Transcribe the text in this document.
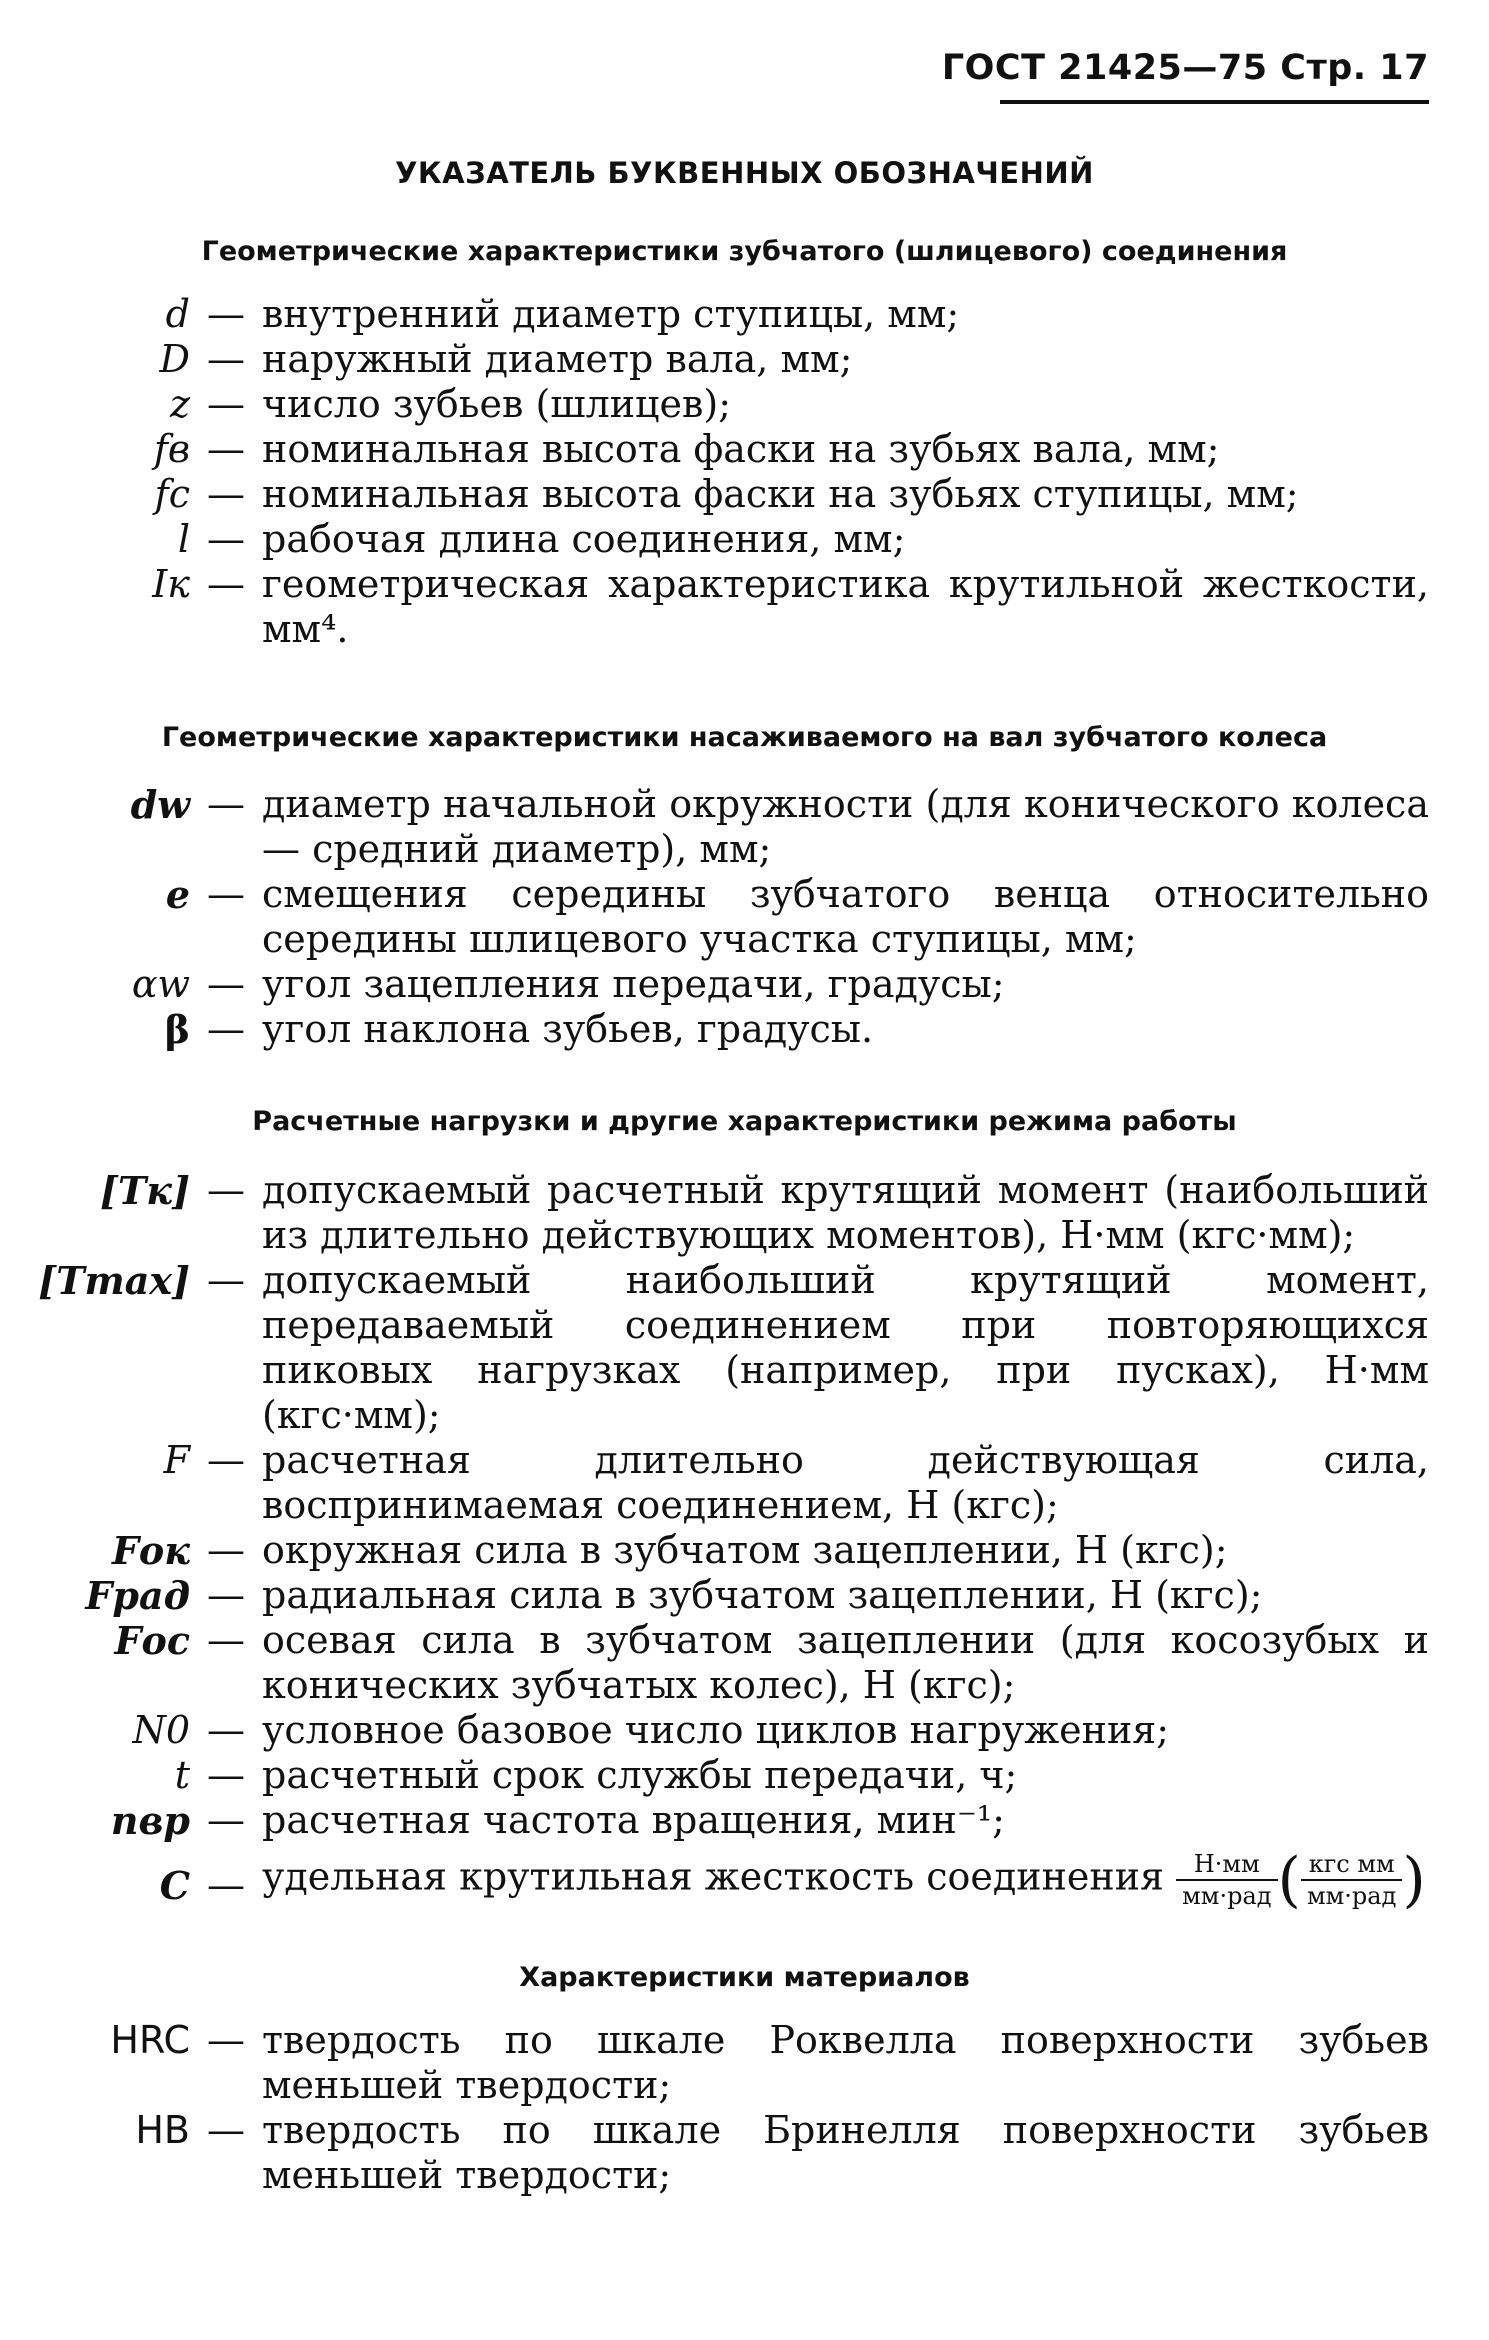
ГОСТ 21425—75 Стр. 17
УКАЗАТЕЛЬ БУКВЕННЫХ ОБОЗНАЧЕНИЙ
Геометрические характеристики зубчатого (шлицевого) соединения
d — внутренний диаметр ступицы, мм;
D — наружный диаметр вала, мм;
z — число зубьев (шлицев);
fв — номинальная высота фаски на зубьях вала, мм;
fс — номинальная высота фаски на зубьях ступицы, мм;
l — рабочая длина соединения, мм;
Iк — геометрическая характеристика крутильной жесткости, мм⁴.
Геометрические характеристики насаживаемого на вал зубчатого колеса
dw — диаметр начальной окружности (для конического колеса — средний диаметр), мм;
e — смещения середины зубчатого венца относительно середины шлицевого участка ступицы, мм;
αw — угол зацепления передачи, градусы;
β — угол наклона зубьев, градусы.
Расчетные нагрузки и другие характеристики режима работы
[Tк] — допускаемый расчетный крутящий момент (наибольший из длительно действующих моментов), Н·мм (кгс·мм);
[Tmax] — допускаемый наибольший крутящий момент, передаваемый соединением при повторяющихся пиковых нагрузках (например, при пусках), Н·мм (кгс·мм);
F — расчетная длительно действующая сила, воспринимаемая соединением, Н (кгс);
Fок — окружная сила в зубчатом зацеплении, Н (кгс);
Fрад — радиальная сила в зубчатом зацеплении, Н (кгс);
Fос — осевая сила в зубчатом зацеплении (для косозубых и конических зубчатых колес), Н (кгс);
N0 — условное базовое число циклов нагружения;
t — расчетный срок службы передачи, ч;
nвр — расчетная частота вращения, мин⁻¹;
C — удельная крутильная жесткость соединения $\frac{Н\cdot мм}{\text{мм·рад}}$ ( $\frac{\text{кгс мм}}{\text{мм·рад}}$ )
Характеристики материалов
HRC — твердость по шкале Роквелла поверхности зубьев меньшей твердости;
HB — твердость по шкале Бринелля поверхности зубьев меньшей твердости;
